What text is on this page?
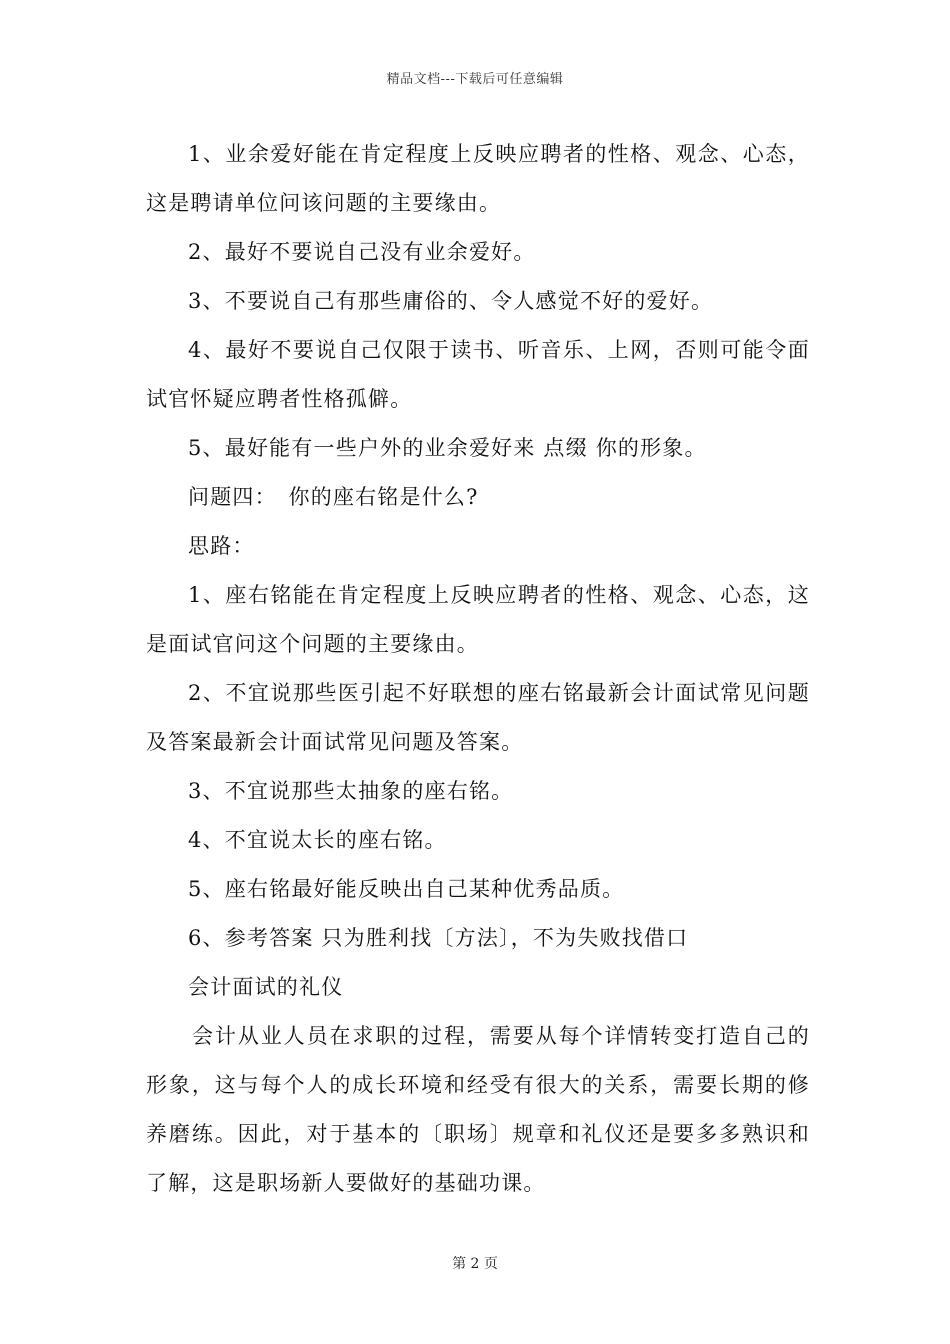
精品文档---下载后可任意编辑

1、业余爱好能在肯定程度上反映应聘者的性格、观念、心态，这是聘请单位问该问题的主要缘由。

2、最好不要说自己没有业余爱好。

3、不要说自己有那些庸俗的、令人感觉不好的爱好。

4、最好不要说自己仅限于读书、听音乐、上网，否则可能令面试官怀疑应聘者性格孤僻。

5、最好能有一些户外的业余爱好来 点缀 你的形象。

问题四：　你的座右铭是什么?

思路：

1、座右铭能在肯定程度上反映应聘者的性格、观念、心态，这是面试官问这个问题的主要缘由。

2、不宜说那些医引起不好联想的座右铭最新会计面试常见问题及答案最新会计面试常见问题及答案。

3、不宜说那些太抽象的座右铭。

4、不宜说太长的座右铭。

5、座右铭最好能反映出自己某种优秀品质。

6、参考答案 只为胜利找〔方法〕，不为失败找借口

会计面试的礼仪

会计从业人员在求职的过程，需要从每个详情转变打造自己的形象，这与每个人的成长环境和经受有很大的关系，需要长期的修养磨练。因此，对于基本的〔职场〕规章和礼仪还是要多多熟识和了解，这是职场新人要做好的基础功课。

第 2 页
